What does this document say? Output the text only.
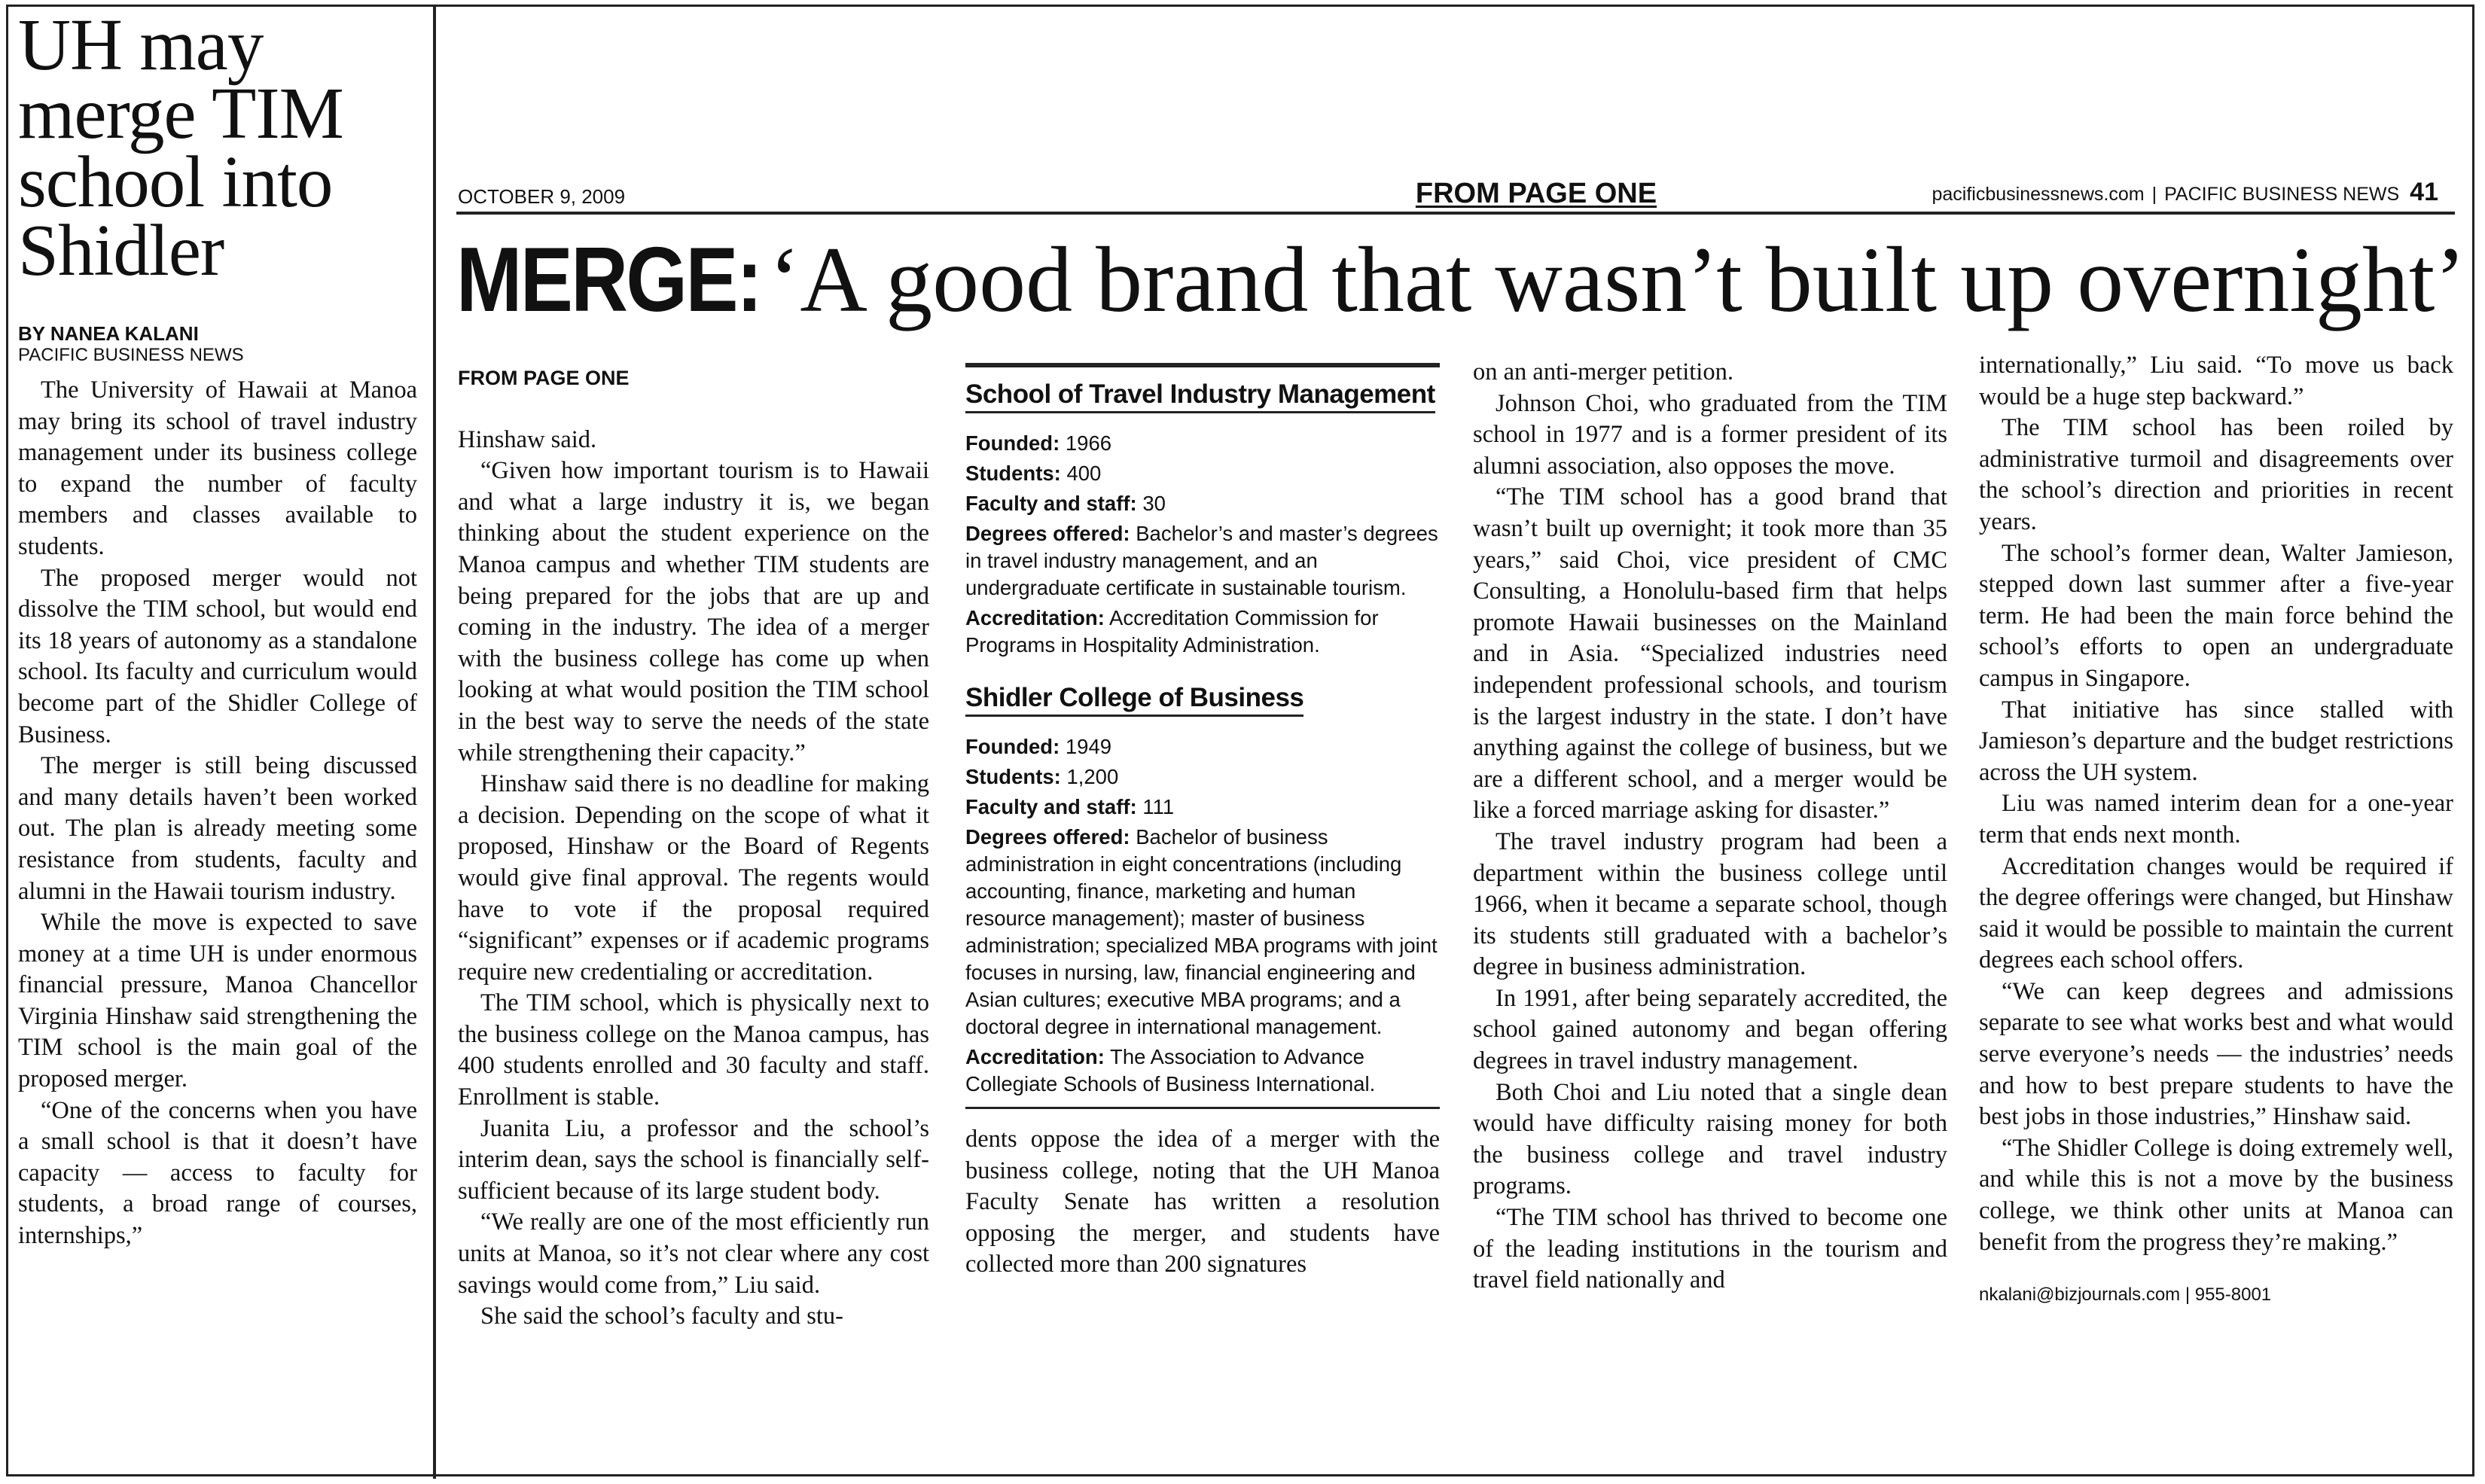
UH may merge TIM school into Shidler

BY NANEA KALANI

PACIFIC BUSINESS NEWS

The University of Hawaii at Manoa may bring its school of travel industry management under its business college to expand the number of faculty members and classes available to students.

The proposed merger would not dissolve the TIM school, but would end its 18 years of autonomy as a standalone school. Its faculty and curriculum would become part of the Shidler College of Business.

The merger is still being discussed and many details haven’t been worked out. The plan is already meeting some resistance from students, faculty and alumni in the Hawaii tourism industry.

While the move is expected to save money at a time UH is under enormous financial pressure, Manoa Chancellor Virginia Hinshaw said strengthening the TIM school is the main goal of the proposed merger.

“One of the concerns when you have a small school is that it doesn’t have capacity — access to faculty for students, a broad range of courses, internships,”

OCTOBER 9, 2009	FROM PAGE ONE	pacificbusinessnews.com | PACIFIC BUSINESS NEWS 41
MERGE: ‘A good brand that wasn’t built up overnight’

FROM PAGE ONE

Hinshaw said.

“Given how important tourism is to Hawaii and what a large industry it is, we began thinking about the student experience on the Manoa campus and whether TIM students are being prepared for the jobs that are up and coming in the industry. The idea of a merger with the business college has come up when looking at what would position the TIM school in the best way to serve the needs of the state while strengthening their capacity.”

Hinshaw said there is no deadline for making a decision. Depending on the scope of what it proposed, Hinshaw or the Board of Regents would give final approval. The regents would have to vote if the proposal required “significant” expenses or if academic programs require new credentialing or accreditation.

The TIM school, which is physically next to the business college on the Manoa campus, has 400 students enrolled and 30 faculty and staff. Enrollment is stable.

Juanita Liu, a professor and the school’s interim dean, says the school is financially self-sufficient because of its large student body.

“We really are one of the most efficiently run units at Manoa, so it’s not clear where any cost savings would come from,” Liu said.

She said the school’s faculty and stu-

School of Travel Industry Management

Founded: 1966

Students: 400

Faculty and staff: 30

Degrees offered: Bachelor’s and master’s degrees in travel industry management, and an undergraduate certificate in sustainable tourism.

Accreditation: Accreditation Commission for Programs in Hospitality Administration.

Shidler College of Business

Founded: 1949

Students: 1,200

Faculty and staff: 111

Degrees offered: Bachelor of business administration in eight concentrations (including accounting, finance, marketing and human resource management); master of business administration; specialized MBA programs with joint focuses in nursing, law, financial engineering and Asian cultures; executive MBA programs; and a doctoral degree in international management.

Accreditation: The Association to Advance Collegiate Schools of Business International.

dents oppose the idea of a merger with the business college, noting that the UH Manoa Faculty Senate has written a resolution opposing the merger, and students have collected more than 200 signatures

on an anti-merger petition.

Johnson Choi, who graduated from the TIM school in 1977 and is a former president of its alumni association, also opposes the move.

“The TIM school has a good brand that wasn’t built up overnight; it took more than 35 years,” said Choi, vice president of CMC Consulting, a Honolulu-based firm that helps promote Hawaii businesses on the Mainland and in Asia. “Specialized industries need independent professional schools, and tourism is the largest industry in the state. I don’t have anything against the college of business, but we are a different school, and a merger would be like a forced marriage asking for disaster.”

The travel industry program had been a department within the business college until 1966, when it became a separate school, though its students still graduated with a bachelor’s degree in business administration.

In 1991, after being separately accredited, the school gained autonomy and began offering degrees in travel industry management.

Both Choi and Liu noted that a single dean would have difficulty raising money for both the business college and travel industry programs.

“The TIM school has thrived to become one of the leading institutions in the tourism and travel field nationally and

internationally,” Liu said. “To move us back would be a huge step backward.”

The TIM school has been roiled by administrative turmoil and disagreements over the school’s direction and priorities in recent years.

The school’s former dean, Walter Jamieson, stepped down last summer after a five-year term. He had been the main force behind the school’s efforts to open an undergraduate campus in Singapore.

That initiative has since stalled with Jamieson’s departure and the budget restrictions across the UH system.

Liu was named interim dean for a one-year term that ends next month.

Accreditation changes would be required if the degree offerings were changed, but Hinshaw said it would be possible to maintain the current degrees each school offers.

“We can keep degrees and admissions separate to see what works best and what would serve everyone’s needs — the industries’ needs and how to best prepare students to have the best jobs in those industries,” Hinshaw said.

“The Shidler College is doing extremely well, and while this is not a move by the business college, we think other units at Manoa can benefit from the progress they’re making.”

nkalani@bizjournals.com | 955-8001
